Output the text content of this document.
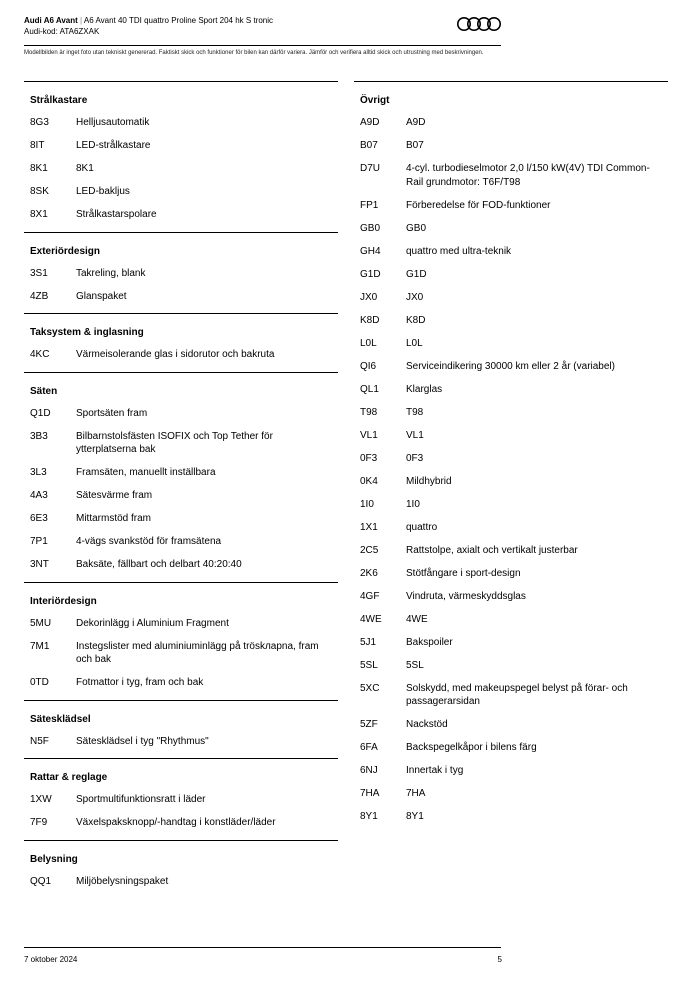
Audi A6 Avant | A6 Avant 40 TDI quattro Proline Sport 204 hk S tronic
Audi-kod: ATA6ZXAK
Modellbilden är inget foto utan tekniskt genererad. Faktiskt skick och funktioner för bilen kan därför variera. Jämför och verifiera alltid skick och utrustning med beskrivningen.
Strålkastare
8G3	Helljusautomatik
8IT	LED-strålkastare
8K1	8K1
8SK	LED-bakljus
8X1	Strålkastarspolare
Exteriördesign
3S1	Takreling, blank
4ZB	Glanspaket
Taksystem & inglasning
4KC	Värmeisolerande glas i sidorutor och bakruta
Säten
Q1D	Sportsäten fram
3B3	Bilbarnstolsfästen ISOFIX och Top Tether för ytterplatserna bak
3L3	Framsäten, manuellt inställbara
4A3	Sätesvärme fram
6E3	Mittarmstöd fram
7P1	4-vägs svankstöd för framsätena
3NT	Baksäte, fällbart och delbart 40:20:40
Interiördesign
5MU	Dekorinlägg i Aluminium Fragment
7M1	Instegslister med aluminiuminlägg på tröskларna, fram och bak
0TD	Fotmattor i tyg, fram och bak
Sätesklädsel
N5F	Sätesklädsel i tyg "Rhythmus"
Rattar & reglage
1XW	Sportmultifunktionsratt i läder
7F9	Växelspaksknopp/-handtag i konstläder/läder
Belysning
QQ1	Miljöbelysningspaket
Övrigt
A9D	A9D
B07	B07
D7U	4-cyl. turbodieselmotor 2,0 l/150 kW(4V) TDI Common-Rail grundmotor: T6F/T98
FP1	Förberedelse för FOD-funktioner
GB0	GB0
GH4	quattro med ultra-teknik
G1D	G1D
JX0	JX0
K8D	K8D
L0L	L0L
QI6	Serviceindikering 30000 km eller 2 år (variabel)
QL1	Klarglas
T98	T98
VL1	VL1
0F3	0F3
0K4	Mildhybrid
1I0	1I0
1X1	quattro
2C5	Rattstolpe, axialt och vertikalt justerbar
2K6	Stötfångare i sport-design
4GF	Vindruta, värmeskyddsglas
4WE	4WE
5J1	Bakspoiler
5SL	5SL
5XC	Solskydd, med makeupspegel belyst på förar- och passagerarsidan
5ZF	Nackstöd
6FA	Backspegelkåpor i bilens färg
6NJ	Innertak i tyg
7HA	7HA
8Y1	8Y1
7 oktober 2024	5
